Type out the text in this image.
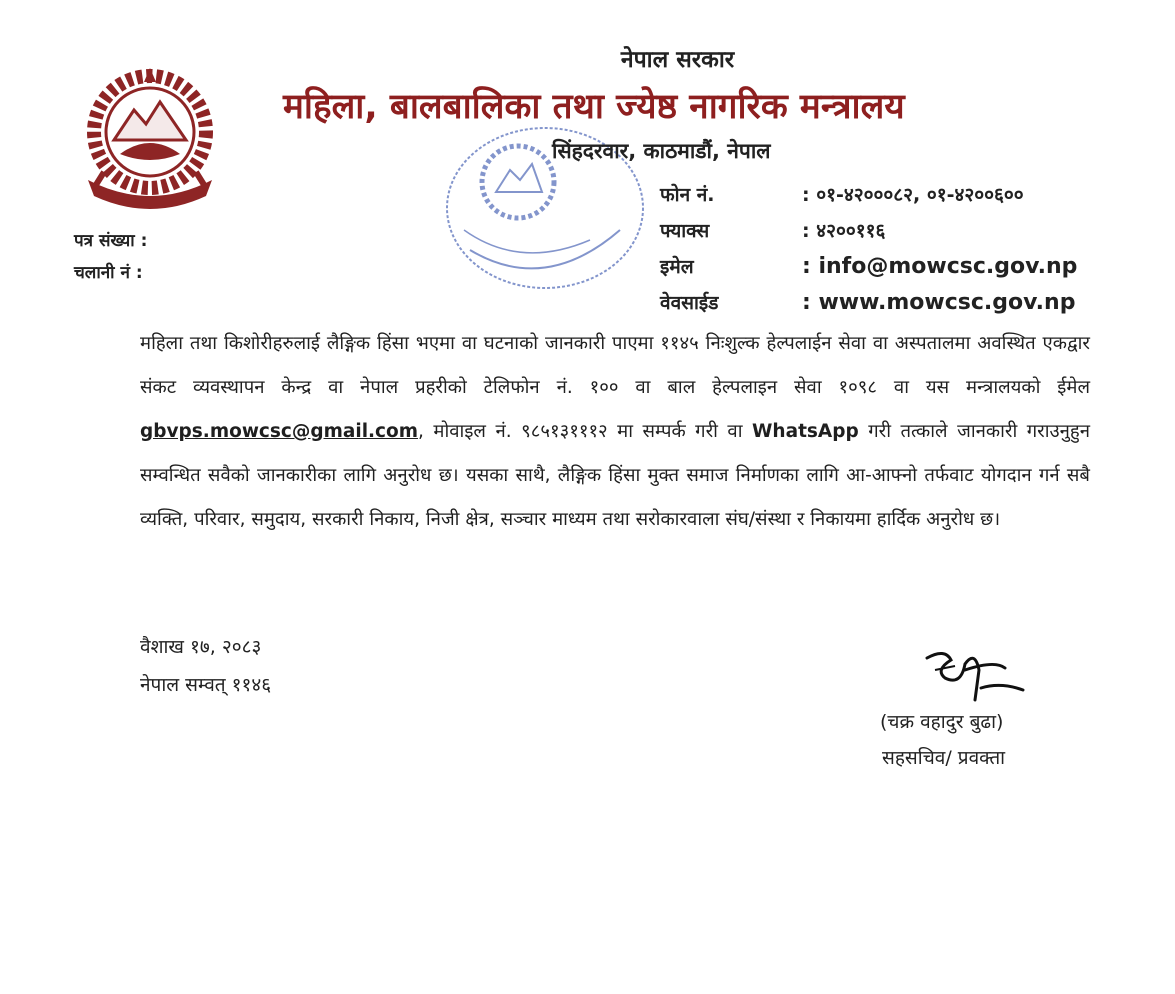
नेपाल सरकार
महिला, बालबालिका तथा ज्येष्ठ नागरिक मन्त्रालय
सिंहदरवार, काठमाडौं, नेपाल
फोन नं.	: ०१-४२०००८२, ०१-४२००६००
फ्याक्स	: ४२००११६
इमेल	: info@mowcsc.gov.np
वेवसाईड	: www.mowcsc.gov.np
पत्र संख्या :
चलानी नं :
महिला तथा किशोरीहरुलाई लैङ्गिक हिंसा भएमा वा घटनाको जानकारी पाएमा ११४५ निःशुल्क हेल्पलाईन सेवा वा अस्पतालमा अवस्थित एकद्वार संकट व्यवस्थापन केन्द्र वा नेपाल प्रहरीको टेलिफोन नं. १०० वा बाल हेल्पलाइन सेवा १०९८ वा यस मन्त्रालयको ईमेल gbvps.mowcsc@gmail.com, मोवाइल नं. ९८५१३१११२ मा सम्पर्क गरी वा WhatsApp गरी तत्काले जानकारी गराउनुहुन सम्वन्धित सवैको जानकारीका लागि अनुरोध छ। यसका साथै, लैङ्गिक हिंसा मुक्त समाज निर्माणका लागि आ-आफ्नो तर्फवाट योगदान गर्न सबै व्यक्ति, परिवार, समुदाय, सरकारी निकाय, निजी क्षेत्र, सञ्चार माध्यम तथा सरोकारवाला संघ/संस्था र निकायमा हार्दिक अनुरोध छ।
वैशाख १७, २०८३
नेपाल सम्वत् ११४६
(चक्र वहादुर बुढा)
सहसचिव/ प्रवक्ता
